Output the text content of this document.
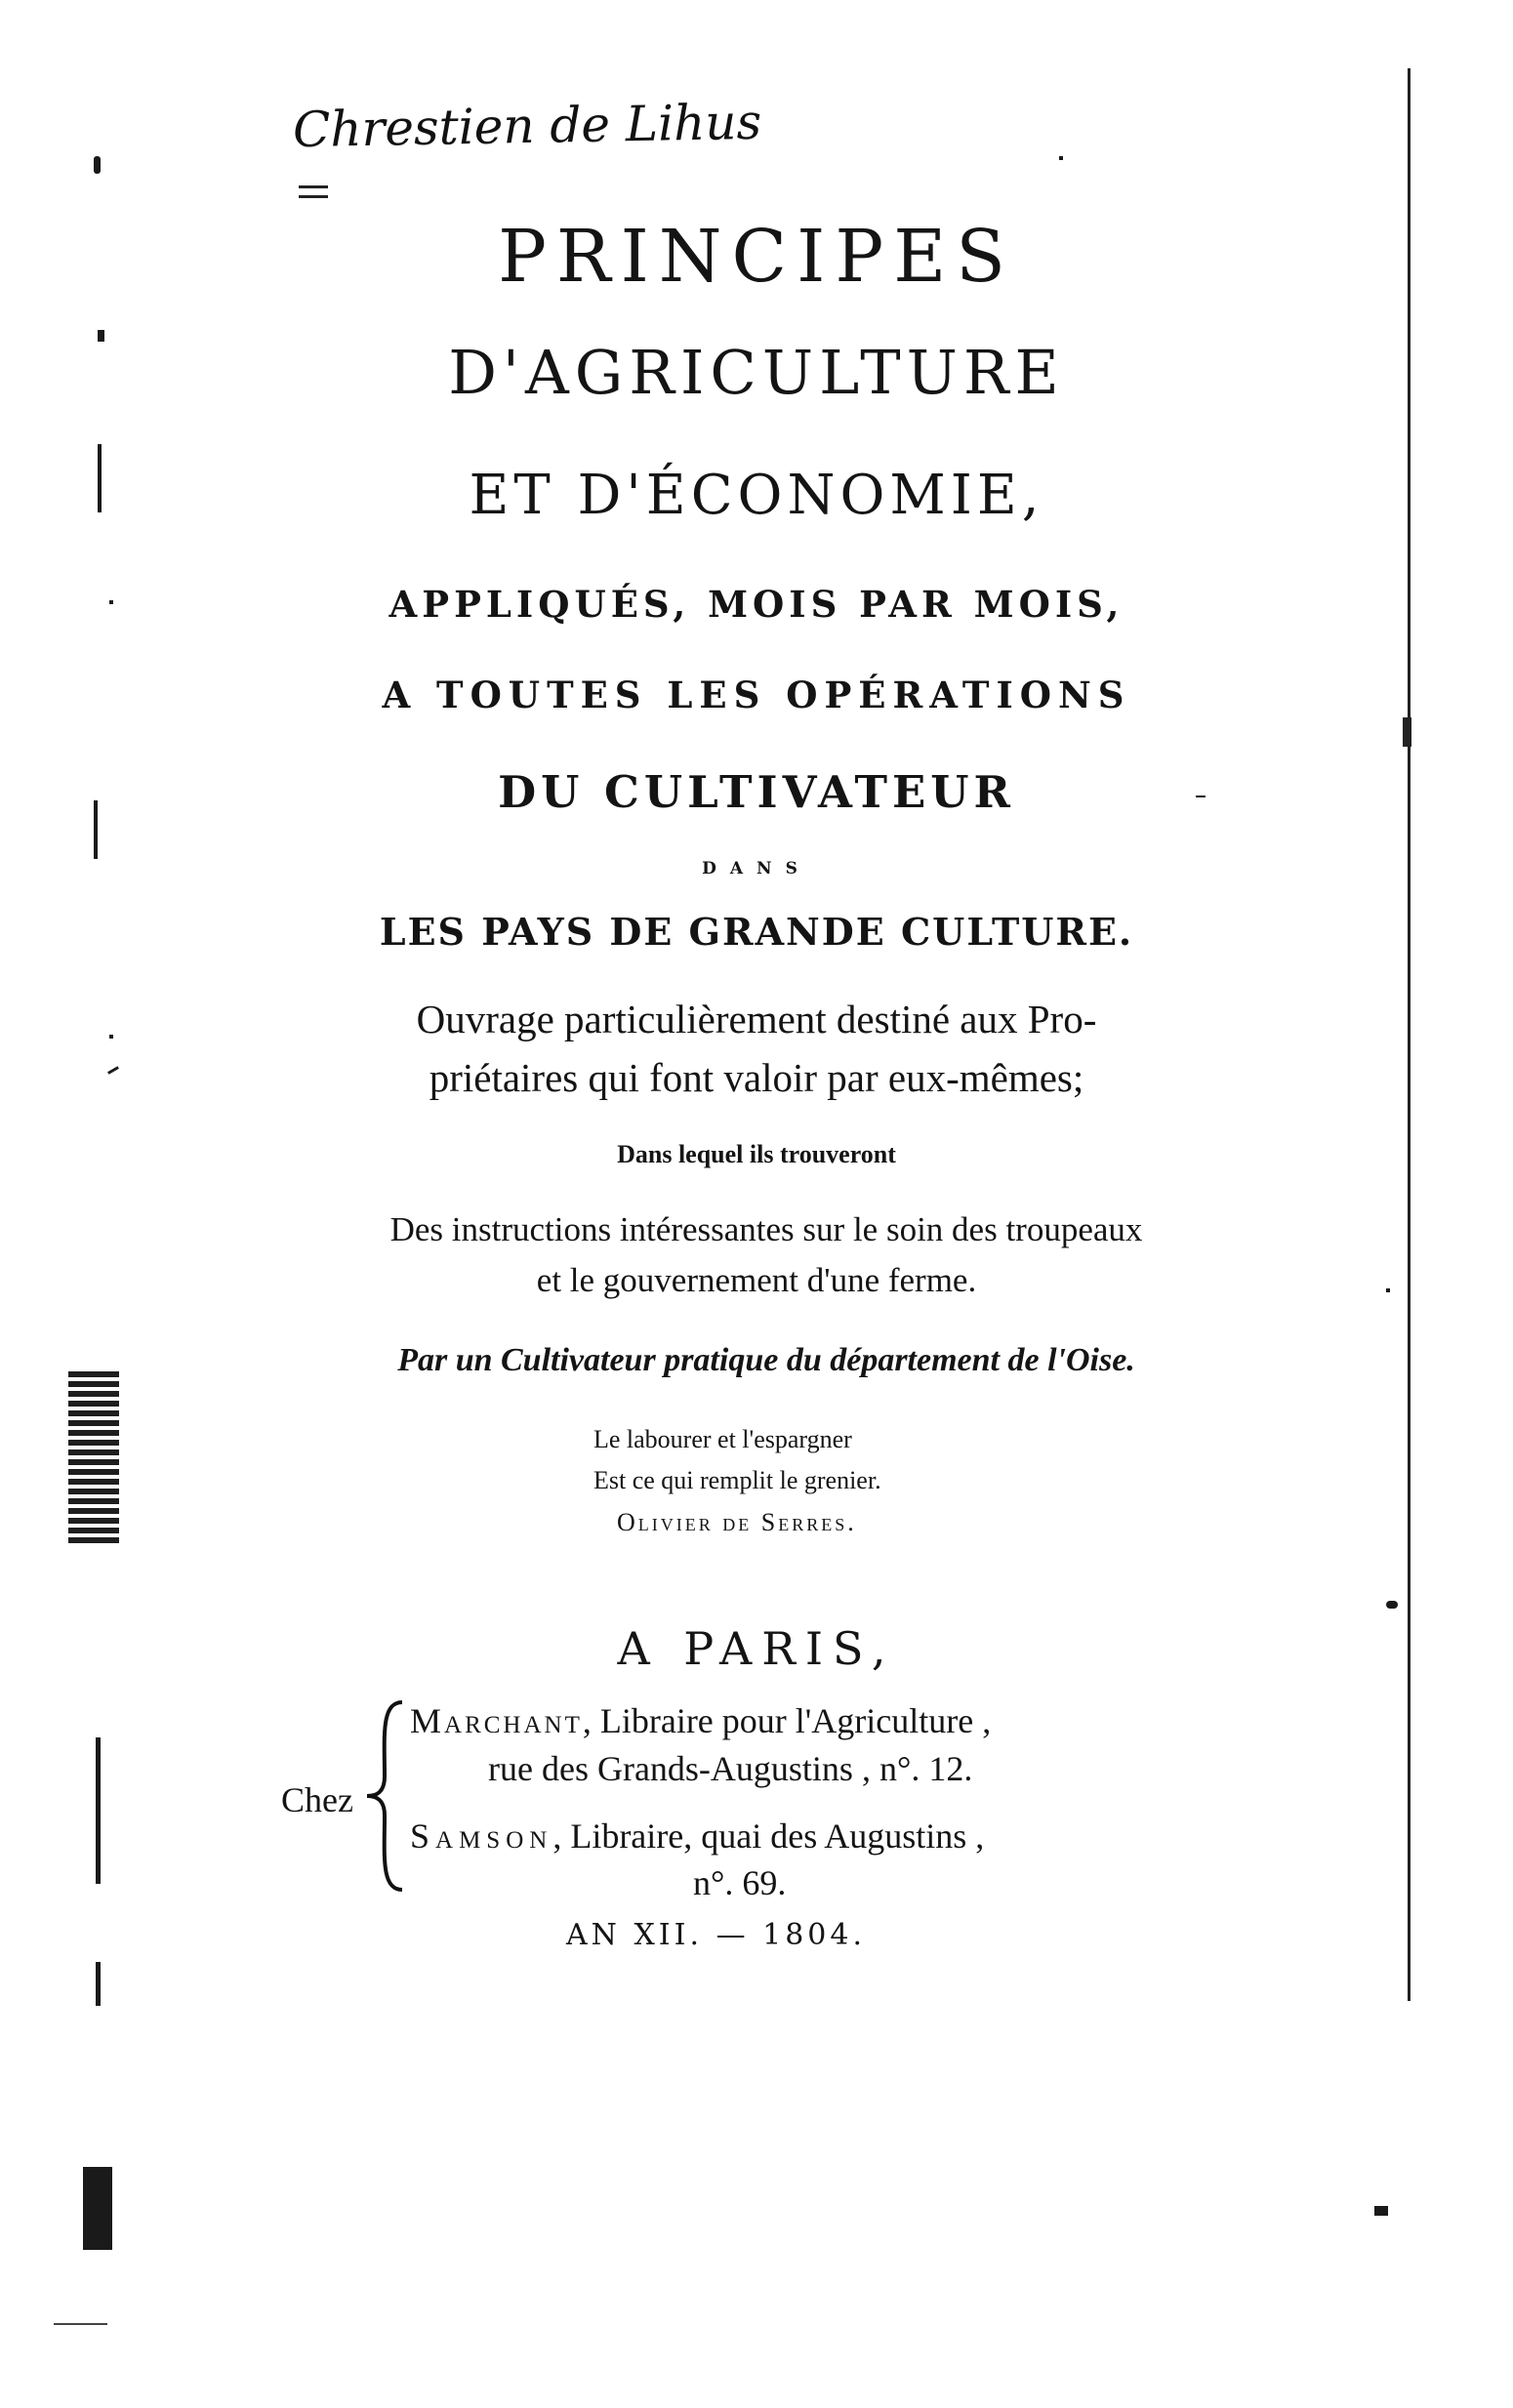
Chrestien de Lihus
PRINCIPES
D'AGRICULTURE
ET D'ÉCONOMIE,
APPLIQUÉS, MOIS PAR MOIS,
A TOUTES LES OPÉRATIONS
DU CULTIVATEUR
DANS
LES PAYS DE GRANDE CULTURE.
Ouvrage particulièrement destiné aux Pro-
priétaires qui font valoir par eux-mêmes;
Dans lequel ils trouveront
Des instructions intéressantes sur le soin des troupeaux
et le gouvernement d'une ferme.
Par un Cultivateur pratique du département de l'Oise.
Le labourer et l'espargner
Est ce qui remplit le grenier.
Olivier de Serres.
A PARIS,
Chez
Marchant, Libraire pour l'Agriculture ,
rue des Grands-Augustins , n°. 12.
Samson, Libraire, quai des Augustins ,
n°. 69.
AN XII. — 1804.
